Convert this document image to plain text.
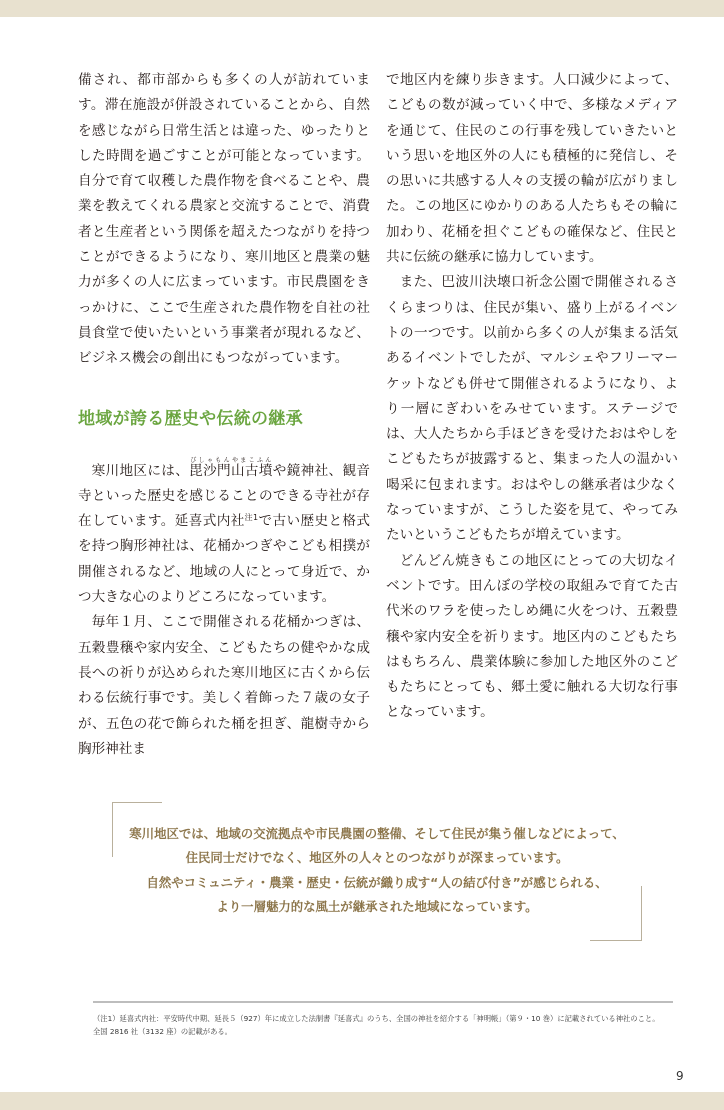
備され、都市部からも多くの人が訪れています。滞在施設が併設されていることから、自然を感じながら日常生活とは違った、ゆったりとした時間を過ごすことが可能となっています。自分で育て収穫した農作物を食べることや、農業を教えてくれる農家と交流することで、消費者と生産者という関係を超えたつながりを持つことができるようになり、寒川地区と農業の魅力が多くの人に広まっています。市民農園をきっかけに、ここで生産された農作物を自社の社員食堂で使いたいという事業者が現れるなど、ビジネス機会の創出にもつながっています。

地域が誇る歴史や伝統の継承

寒川地区には、毘沙門山古墳びしゃもんやまこふんや鏡神社、観音寺といった歴史を感じることのできる寺社が存在しています。延喜式内社$^{注1}$で古い歴史と格式を持つ胸形神社は、花桶かつぎやこども相撲が開催されるなど、地域の人にとって身近で、かつ大きな心のよりどころになっています。

毎年１月、ここで開催される花桶かつぎは、五穀豊穣や家内安全、こどもたちの健やかな成長への祈りが込められた寒川地区に古くから伝わる伝統行事です。美しく着飾った７歳の女子が、五色の花で飾られた桶を担ぎ、龍樹寺から胸形神社ま

で地区内を練り歩きます。人口減少によって、こどもの数が減っていく中で、多様なメディアを通じて、住民のこの行事を残していきたいという思いを地区外の人にも積極的に発信し、その思いに共感する人々の支援の輪が広がりました。この地区にゆかりのある人たちもその輪に加わり、花桶を担ぐこどもの確保など、住民と共に伝統の継承に協力しています。

また、巴波川決壊口祈念公園で開催されるさくらまつりは、住民が集い、盛り上がるイベントの一つです。以前から多くの人が集まる活気あるイベントでしたが、マルシェやフリーマーケットなども併せて開催されるようになり、より一層にぎわいをみせています。ステージでは、大人たちから手ほどきを受けたおはやしをこどもたちが披露すると、集まった人の温かい喝采に包まれます。おはやしの継承者は少なくなっていますが、こうした姿を見て、やってみたいというこどもたちが増えています。

どんどん焼きもこの地区にとっての大切なイベントです。田んぼの学校の取組みで育てた古代米のワラを使ったしめ縄に火をつけ、五穀豊穣や家内安全を祈ります。地区内のこどもたちはもちろん、農業体験に参加した地区外のこどもたちにとっても、郷土愛に触れる大切な行事となっています。

寒川地区では、地域の交流拠点や市民農園の整備、そして住民が集う催しなどによって、
住民同士だけでなく、地区外の人々とのつながりが深まっています。
自然やコミュニティ・農業・歴史・伝統が織り成す“人の結び付き”が感じられる、
より一層魅力的な風土が継承された地域になっています。
（注1）延喜式内社：平安時代中期、延長５（927）年に成立した法制書『延喜式』のうち、全国の神社を紹介する「神明帳」（第９・10 巻）に記載されている神社のこと。
全国 2816 社（3132 座）の記載がある。
9
